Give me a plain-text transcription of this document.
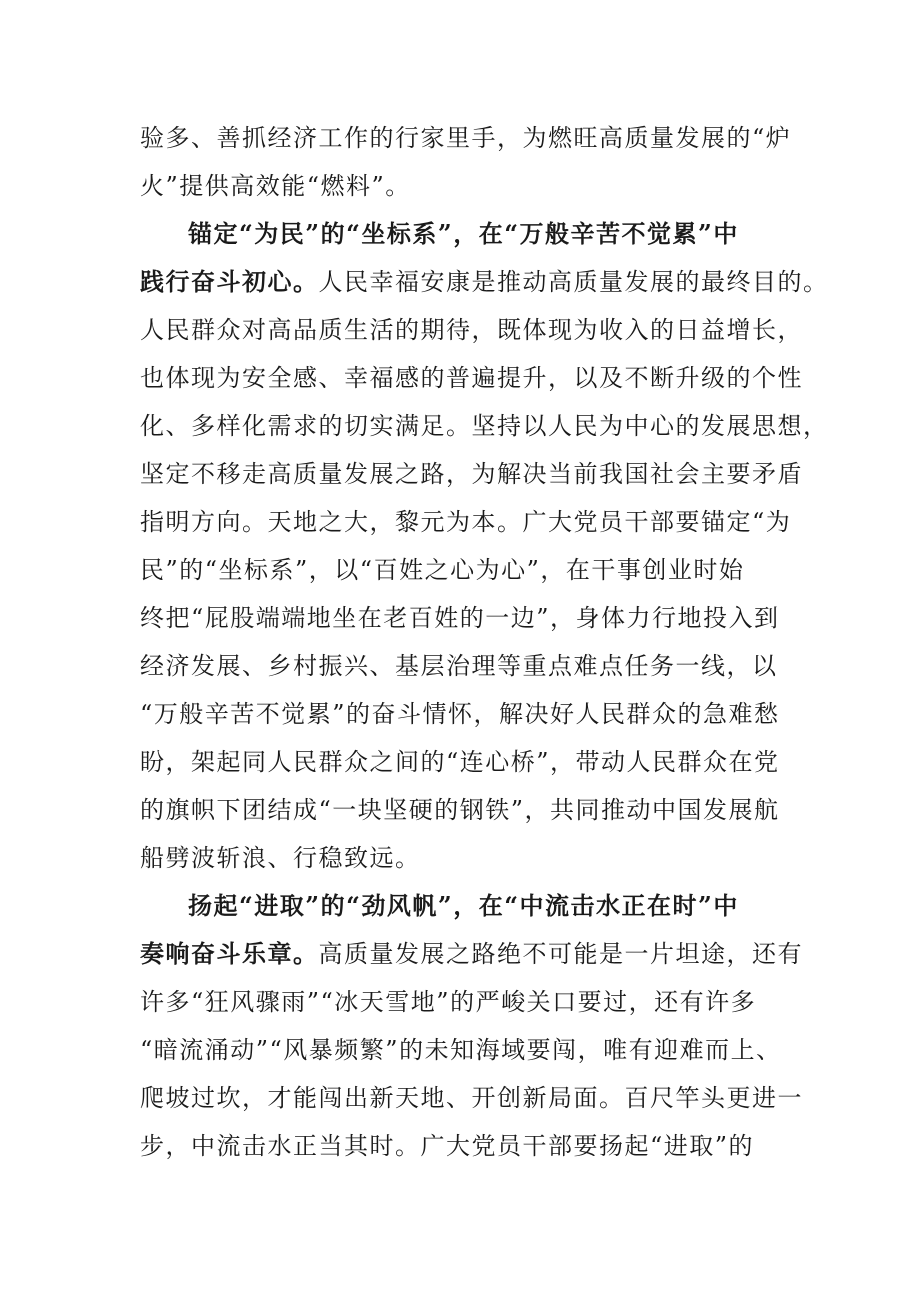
验多、善抓经济工作的行家里手，为燃旺高质量发展的“炉
火”提供高效能“燃料”。
锚定“为民”的“坐标系”，在“万般辛苦不觉累”中
践行奋斗初心。人民幸福安康是推动高质量发展的最终目的。
人民群众对高品质生活的期待，既体现为收入的日益增长，
也体现为安全感、幸福感的普遍提升，以及不断升级的个性
化、多样化需求的切实满足。坚持以人民为中心的发展思想，
坚定不移走高质量发展之路，为解决当前我国社会主要矛盾
指明方向。天地之大，黎元为本。广大党员干部要锚定“为
民”的“坐标系”，以“百姓之心为心”，在干事创业时始
终把“屁股端端地坐在老百姓的一边”，身体力行地投入到
经济发展、乡村振兴、基层治理等重点难点任务一线，以
“万般辛苦不觉累”的奋斗情怀，解决好人民群众的急难愁
盼，架起同人民群众之间的“连心桥”，带动人民群众在党
的旗帜下团结成“一块坚硬的钢铁”，共同推动中国发展航
船劈波斩浪、行稳致远。
扬起“进取”的“劲风帆”，在“中流击水正在时”中
奏响奋斗乐章。高质量发展之路绝不可能是一片坦途，还有
许多“狂风骤雨”“冰天雪地”的严峻关口要过，还有许多
“暗流涌动”“风暴频繁”的未知海域要闯，唯有迎难而上、
爬坡过坎，才能闯出新天地、开创新局面。百尺竿头更进一
步，中流击水正当其时。广大党员干部要扬起“进取”的
